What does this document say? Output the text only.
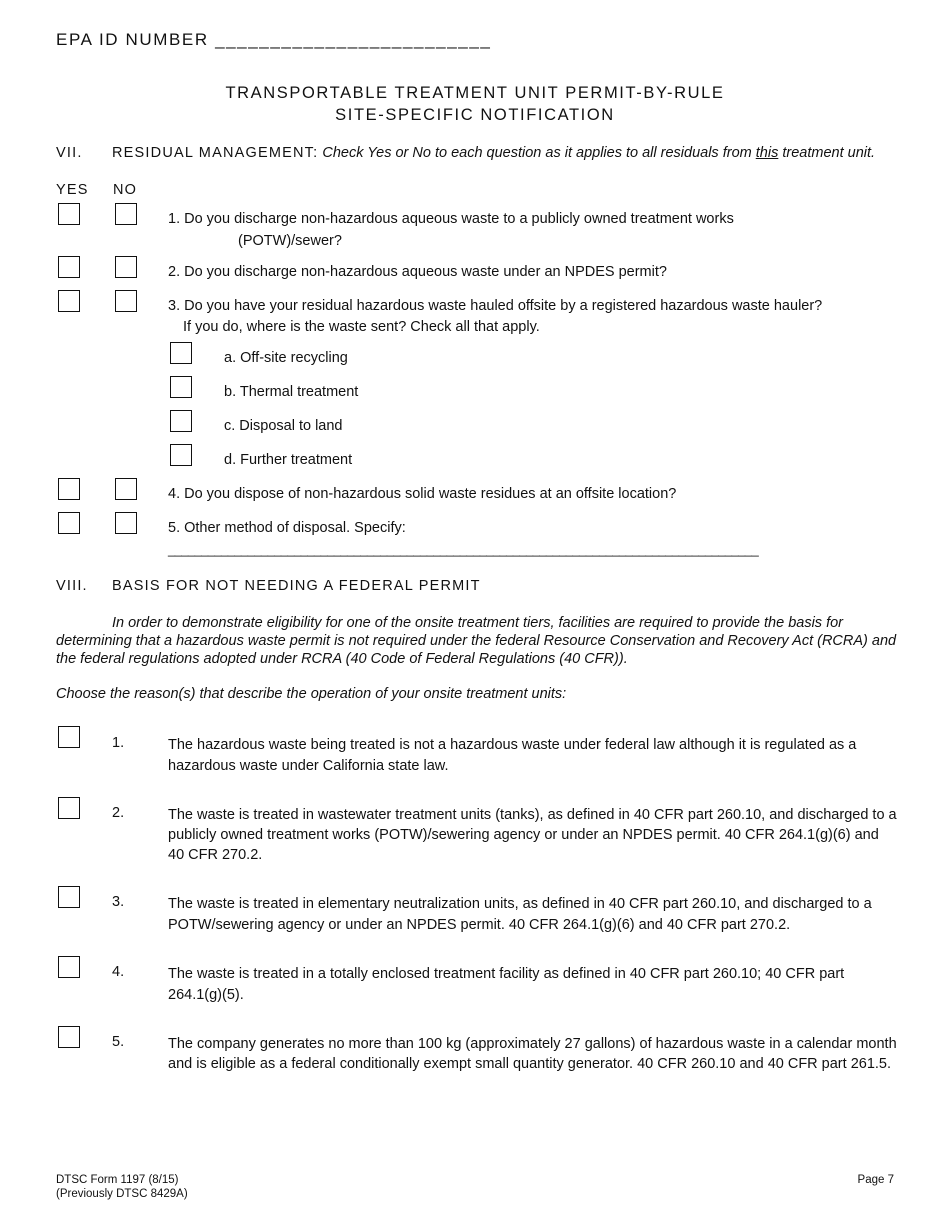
EPA ID NUMBER _________________________
TRANSPORTABLE TREATMENT UNIT PERMIT-BY-RULE
SITE-SPECIFIC NOTIFICATION
VII. RESIDUAL MANAGEMENT: Check Yes or No to each question as it applies to all residuals from this treatment unit.
YES NO
1. Do you discharge non-hazardous aqueous waste to a publicly owned treatment works
(POTW)/sewer?
2. Do you discharge non-hazardous aqueous waste under an NPDES permit?
3. Do you have your residual hazardous waste hauled offsite by a registered hazardous waste hauler?
If you do, where is the waste sent? Check all that apply.
a. Off-site recycling
b. Thermal treatment
c. Disposal to land
d. Further treatment
4. Do you dispose of non-hazardous solid waste residues at an offsite location?
5. Other method of disposal. Specify:
_________________________________________________________________________________________
VIII. BASIS FOR NOT NEEDING A FEDERAL PERMIT
In order to demonstrate eligibility for one of the onsite treatment tiers, facilities are required to provide the basis for determining that a hazardous waste permit is not required under the federal Resource Conservation and Recovery Act (RCRA) and the federal regulations adopted under RCRA (40 Code of Federal Regulations (40 CFR)).
Choose the reason(s) that describe the operation of your onsite treatment units:
1.	The hazardous waste being treated is not a hazardous waste under federal law although it is regulated as a hazardous waste under California state law.
2.	The waste is treated in wastewater treatment units (tanks), as defined in 40 CFR part 260.10, and discharged to a publicly owned treatment works (POTW)/sewering agency or under an NPDES permit. 40 CFR 264.1(g)(6) and 40 CFR 270.2.
3.	The waste is treated in elementary neutralization units, as defined in 40 CFR part 260.10, and discharged to a POTW/sewering agency or under an NPDES permit. 40 CFR 264.1(g)(6) and 40 CFR part 270.2.
4.	The waste is treated in a totally enclosed treatment facility as defined in 40 CFR part 260.10; 40 CFR part 264.1(g)(5).
5.	The company generates no more than 100 kg (approximately 27 gallons) of hazardous waste in a calendar month and is eligible as a federal conditionally exempt small quantity generator. 40 CFR 260.10 and 40 CFR part 261.5.
DTSC Form 1197 (8/15)
(Previously DTSC 8429A)
Page 7
